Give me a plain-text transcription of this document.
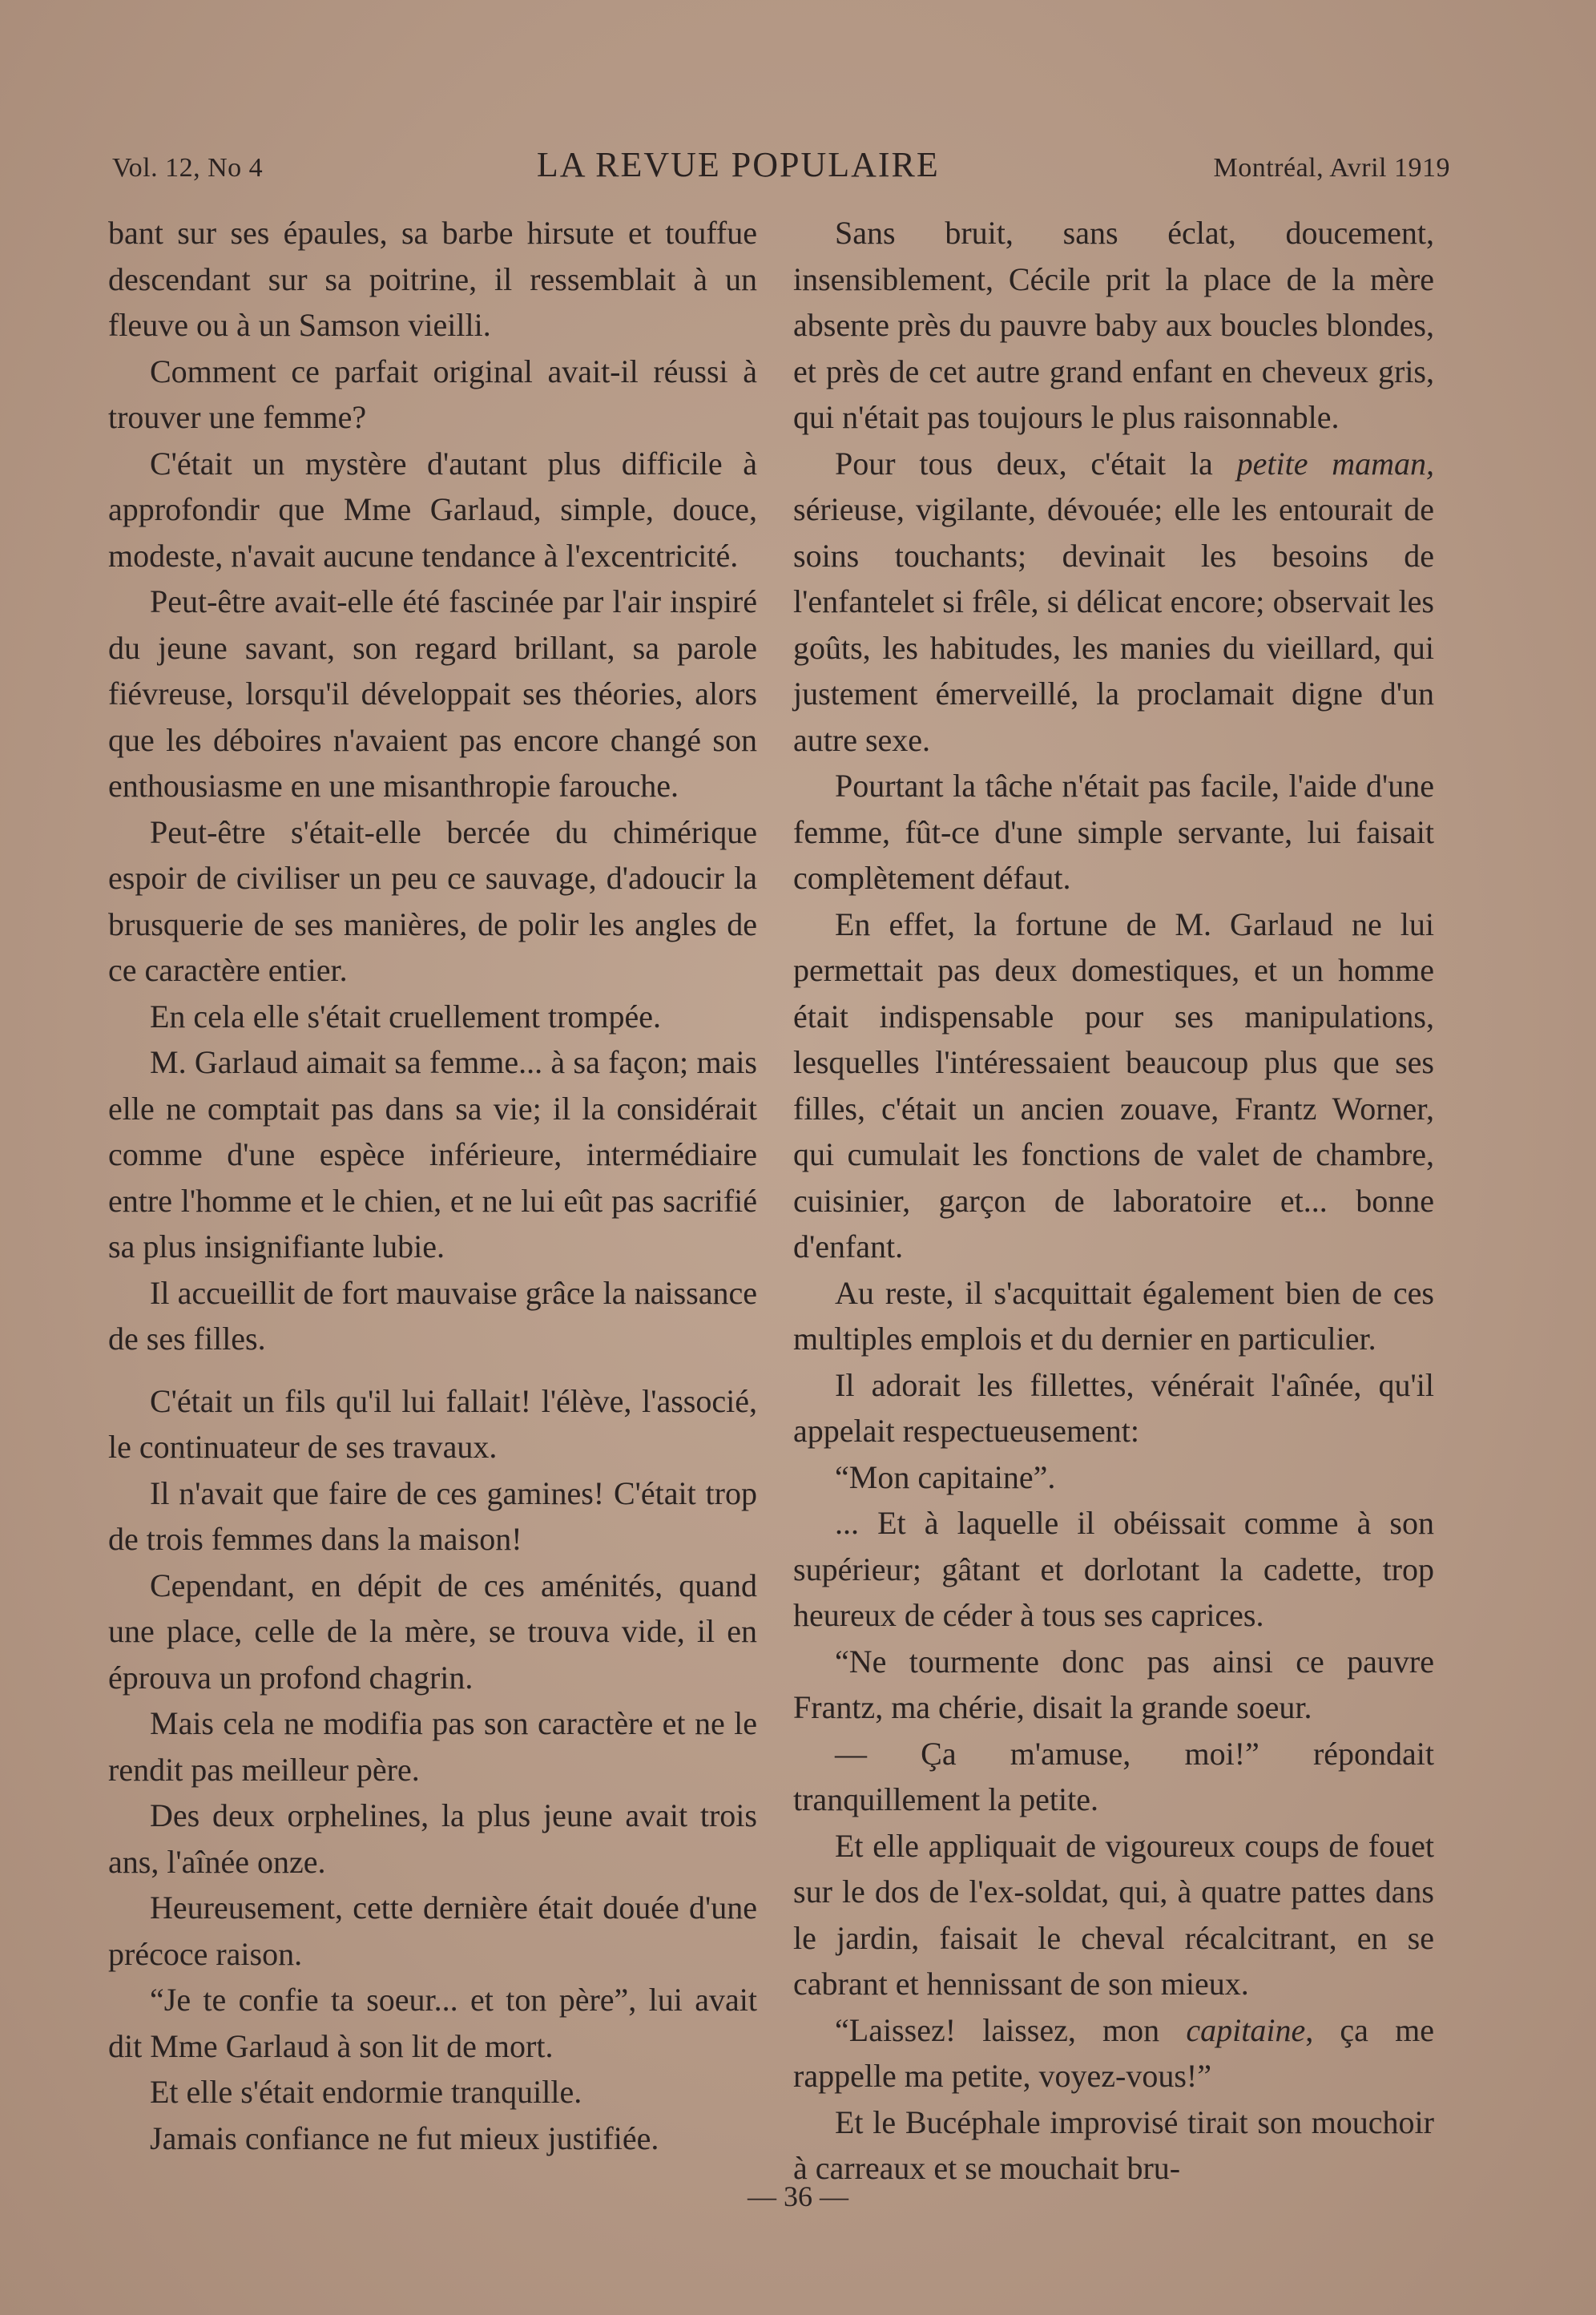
Vol. 12, No 4	LA REVUE POPULAIRE	Montréal, Avril 1919

bant sur ses épaules, sa barbe hirsute et touffue descendant sur sa poitrine, il ressemblait à un fleuve ou à un Samson vieilli.

Comment ce parfait original avait-il réussi à trouver une femme?

C'était un mystère d'autant plus difficile à approfondir que Mme Garlaud, simple, douce, modeste, n'avait aucune tendance à l'excentricité.

Peut-être avait-elle été fascinée par l'air inspiré du jeune savant, son regard brillant, sa parole fiévreuse, lorsqu'il développait ses théories, alors que les déboires n'avaient pas encore changé son enthousiasme en une misanthropie farouche.

Peut-être s'était-elle bercée du chimérique espoir de civiliser un peu ce sauvage, d'adoucir la brusquerie de ses manières, de polir les angles de ce caractère entier.

En cela elle s'était cruellement trompée.

M. Garlaud aimait sa femme... à sa façon; mais elle ne comptait pas dans sa vie; il la considérait comme d'une espèce inférieure, intermédiaire entre l'homme et le chien, et ne lui eût pas sacrifié sa plus insignifiante lubie.

Il accueillit de fort mauvaise grâce la naissance de ses filles.

C'était un fils qu'il lui fallait! l'élève, l'associé, le continuateur de ses travaux.

Il n'avait que faire de ces gamines! C'était trop de trois femmes dans la maison!

Cependant, en dépit de ces aménités, quand une place, celle de la mère, se trouva vide, il en éprouva un profond chagrin.

Mais cela ne modifia pas son caractère et ne le rendit pas meilleur père.

Des deux orphelines, la plus jeune avait trois ans, l'aînée onze.

Heureusement, cette dernière était douée d'une précoce raison.

“Je te confie ta soeur... et ton père”, lui avait dit Mme Garlaud à son lit de mort.

Et elle s'était endormie tranquille.

Jamais confiance ne fut mieux justifiée.

Sans bruit, sans éclat, doucement, insensiblement, Cécile prit la place de la mère absente près du pauvre baby aux boucles blondes, et près de cet autre grand enfant en cheveux gris, qui n'était pas toujours le plus raisonnable.

Pour tous deux, c'était la petite maman, sérieuse, vigilante, dévouée; elle les entourait de soins touchants; devinait les besoins de l'enfantelet si frêle, si délicat encore; observait les goûts, les habitudes, les manies du vieillard, qui justement émerveillé, la proclamait digne d'un autre sexe.

Pourtant la tâche n'était pas facile, l'aide d'une femme, fût-ce d'une simple servante, lui faisait complètement défaut.

En effet, la fortune de M. Garlaud ne lui permettait pas deux domestiques, et un homme était indispensable pour ses manipulations, lesquelles l'intéressaient beaucoup plus que ses filles, c'était un ancien zouave, Frantz Worner, qui cumulait les fonctions de valet de chambre, cuisinier, garçon de laboratoire et... bonne d'enfant.

Au reste, il s'acquittait également bien de ces multiples emplois et du dernier en particulier.

Il adorait les fillettes, vénérait l'aînée, qu'il appelait respectueusement:

“Mon capitaine”.

... Et à laquelle il obéissait comme à son supérieur; gâtant et dorlotant la cadette, trop heureux de céder à tous ses caprices.

“Ne tourmente donc pas ainsi ce pauvre Frantz, ma chérie, disait la grande soeur.

— Ça m'amuse, moi!” répondait tranquillement la petite.

Et elle appliquait de vigoureux coups de fouet sur le dos de l'ex-soldat, qui, à quatre pattes dans le jardin, faisait le cheval récalcitrant, en se cabrant et hennissant de son mieux.

“Laissez! laissez, mon capitaine, ça me rappelle ma petite, voyez-vous!”

Et le Bucéphale improvisé tirait son mouchoir à carreaux et se mouchait bru-

— 36 —
